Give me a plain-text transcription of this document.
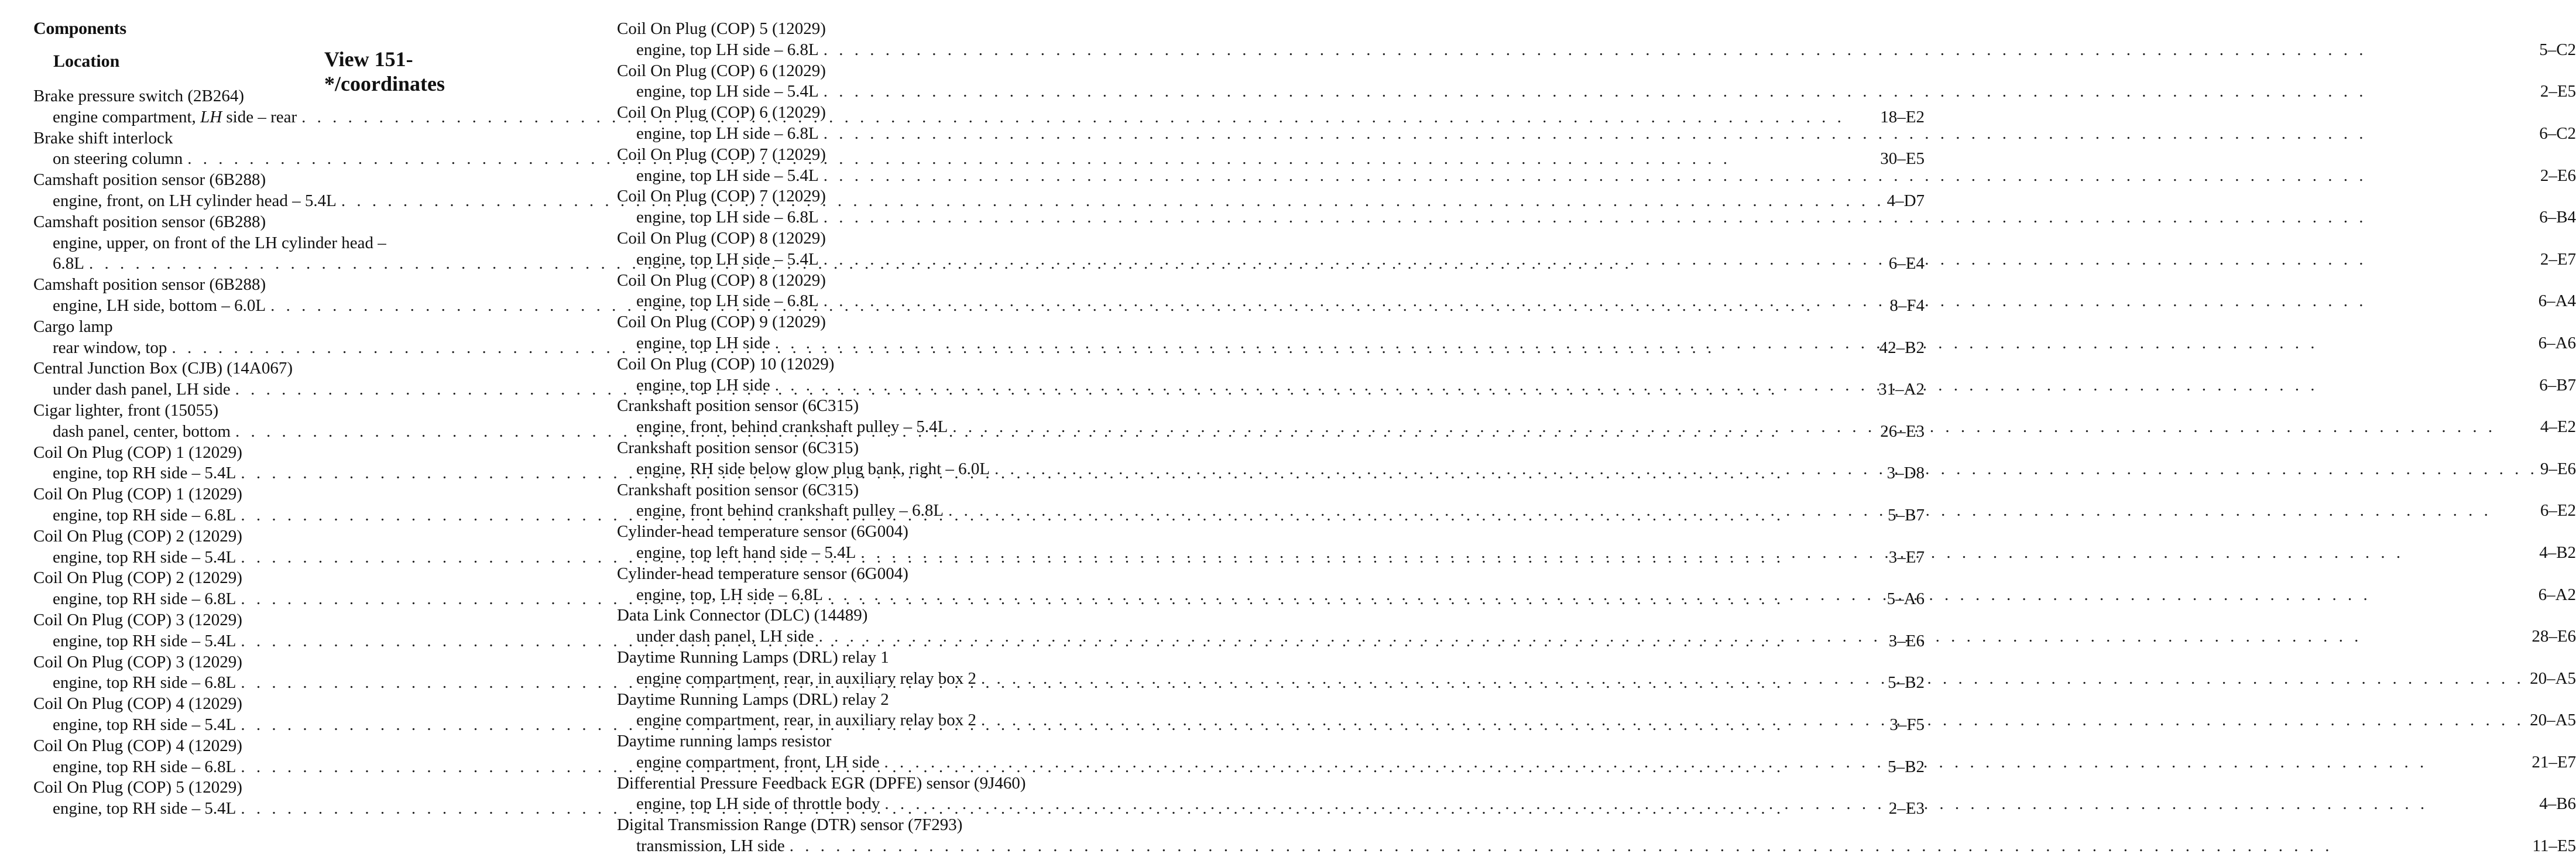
Components
Location	View 151-*/coordinates
Brake pressure switch (2B264)
engine compartment, LH side – rear . . .	18–E2
Brake shift interlock
on steering column . . .	30–E5
Camshaft position sensor (6B288)
engine, front, on LH cylinder head – 5.4L . . .	4–D7
Camshaft position sensor (6B288)
engine, upper, on front of the LH cylinder head –
6.8L . . .	6–E4
Camshaft position sensor (6B288)
engine, LH side, bottom – 6.0L . . .	8–F4
Cargo lamp
rear window, top . . .	42–B2
Central Junction Box (CJB) (14A067)
under dash panel, LH side . . .	31–A2
Cigar lighter, front (15055)
dash panel, center, bottom . . .	26–E3
Coil On Plug (COP) 1 (12029)
engine, top RH side – 5.4L . . .	3–D8
Coil On Plug (COP) 1 (12029)
engine, top RH side – 6.8L . . .	5–B7
Coil On Plug (COP) 2 (12029)
engine, top RH side – 5.4L . . .	3–E7
Coil On Plug (COP) 2 (12029)
engine, top RH side – 6.8L . . .	5–A6
Coil On Plug (COP) 3 (12029)
engine, top RH side – 5.4L . . .	3–E6
Coil On Plug (COP) 3 (12029)
engine, top RH side – 6.8L . . .	5–B2
Coil On Plug (COP) 4 (12029)
engine, top RH side – 5.4L . . .	3–F5
Coil On Plug (COP) 4 (12029)
engine, top RH side – 6.8L . . .	5–B2
Coil On Plug (COP) 5 (12029)
engine, top RH side – 5.4L . . .	2–E3
Coil On Plug (COP) 5 (12029)
engine, top LH side – 6.8L . . .	5–C2
Coil On Plug (COP) 6 (12029)
engine, top LH side – 5.4L . . .	2–E5
Coil On Plug (COP) 6 (12029)
engine, top LH side – 6.8L . . .	6–C2
Coil On Plug (COP) 7 (12029)
engine, top LH side – 5.4L . . .	2–E6
Coil On Plug (COP) 7 (12029)
engine, top LH side – 6.8L . . .	6–B4
Coil On Plug (COP) 8 (12029)
engine, top LH side – 5.4L . . .	2–E7
Coil On Plug (COP) 8 (12029)
engine, top LH side – 6.8L . . .	6–A4
Coil On Plug (COP) 9 (12029)
engine, top LH side . . .	6–A6
Coil On Plug (COP) 10 (12029)
engine, top LH side . . .	6–B7
Crankshaft position sensor (6C315)
engine, front, behind crankshaft pulley – 5.4L . . .	4–E2
Crankshaft position sensor (6C315)
engine, RH side below glow plug bank, right – 6.0L . . .	9–E6
Crankshaft position sensor (6C315)
engine, front behind crankshaft pulley – 6.8L . . .	6–E2
Cylinder-head temperature sensor (6G004)
engine, top left hand side – 5.4L . . .	4–B2
Cylinder-head temperature sensor (6G004)
engine, top, LH side – 6.8L . . .	6–A2
Data Link Connector (DLC) (14489)
under dash panel, LH side . . .	28–E6
Daytime Running Lamps (DRL) relay 1
engine compartment, rear, in auxiliary relay box 2 . . .	20–A5
Daytime Running Lamps (DRL) relay 2
engine compartment, rear, in auxiliary relay box 2 . . .	20–A5
Daytime running lamps resistor
engine compartment, front, LH side . . .	21–E7
Differential Pressure Feedback EGR (DPFE) sensor (9J460)
engine, top LH side of throttle body . . .	4–B6
Digital Transmission Range (DTR) sensor (7F293)
transmission, LH side . . .	11–E5
